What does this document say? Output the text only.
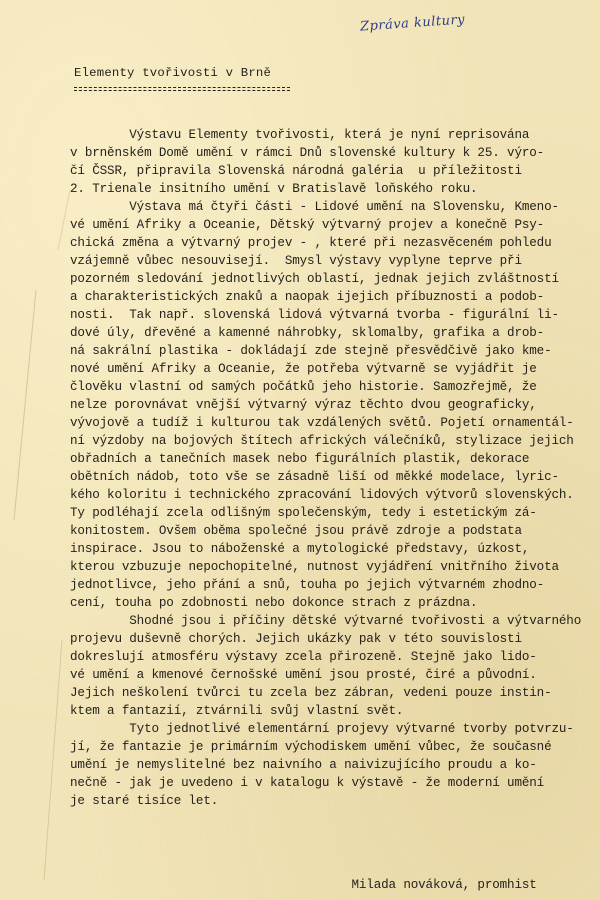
Zpráva kultury
Elementy tvořivosti v Brně
Výstavu Elementy tvořivosti, která je nyní reprisována
v brněnském Domě umění v rámci Dnů slovenské kultury k 25. výro-
čí ČSSR, připravila Slovenská národná galéria  u příležitosti
2. Trienale insitního umění v Bratislavě loňského roku.
Výstava má čtyři části - Lidové umění na Slovensku, Kmeno-
vé umění Afriky a Oceanie, Dětský výtvarný projev a konečně Psy-
chická změna a výtvarný projev - , které při nezasvěceném pohledu
vzájemně vůbec nesouvisejí.  Smysl výstavy vyplyne teprve při
pozorném sledování jednotlivých oblastí, jednak jejich zvláštností
a charakteristických znaků a naopak ijejich příbuznosti a podob-
nosti.  Tak např. slovenská lidová výtvarná tvorba - figurální li-
dové úly, dřevěné a kamenné náhrobky, sklomalby, grafika a drob-
ná sakrální plastika - dokládají zde stejně přesvědčivě jako kme-
nové umění Afriky a Oceanie, že potřeba výtvarně se vyjádřit je
člověku vlastní od samých počátků jeho historie. Samozřejmě, že
nelze porovnávat vnější výtvarný výraz těchto dvou geograficky,
vývojově a tudíž i kulturou tak vzdálených světů. Pojetí ornamentál-
ní výzdoby na bojových štítech afrických válečníků, stylizace jejich
obřadních a tanečních masek nebo figurálních plastik, dekorace
obětních nádob, toto vše se zásadně liší od měkké modelace, lyric-
kého koloritu i technického zpracování lidových výtvorů slovenských.
Ty podléhají zcela odlišným společenským, tedy i estetickým zá-
konitostem. Ovšem oběma společné jsou právě zdroje a podstata
inspirace. Jsou to náboženské a mytologické představy, úzkost,
kterou vzbuzuje nepochopitelné, nutnost vyjádření vnitřního života
jednotlivce, jeho přání a snů, touha po jejich výtvarném zhodno-
cení, touha po zdobnosti nebo dokonce strach z prázdna.
Shodné jsou i příčiny dětské výtvarné tvořivosti a výtvarného
projevu duševně chorých. Jejich ukázky pak v této souvislosti
dokreslují atmosféru výstavy zcela přirozeně. Stejně jako lido-
vé umění a kmenové černošské umění jsou prosté, čiré a původní.
Jejich neškolení tvůrci tu zcela bez zábran, vedeni pouze instin-
ktem a fantazií, ztvárnili svůj vlastní svět.
Tyto jednotlivé elementární projevy výtvarné tvorby potvrzu-
jí, že fantazie je primárním východiskem umění vůbec, že současné
umění je nemyslitelné bez naivního a naivizujícího proudu a ko-
nečně - jak je uvedeno i v katalogu k výstavě - že moderní umění
je staré tisíce let.
Milada nováková, promhist
